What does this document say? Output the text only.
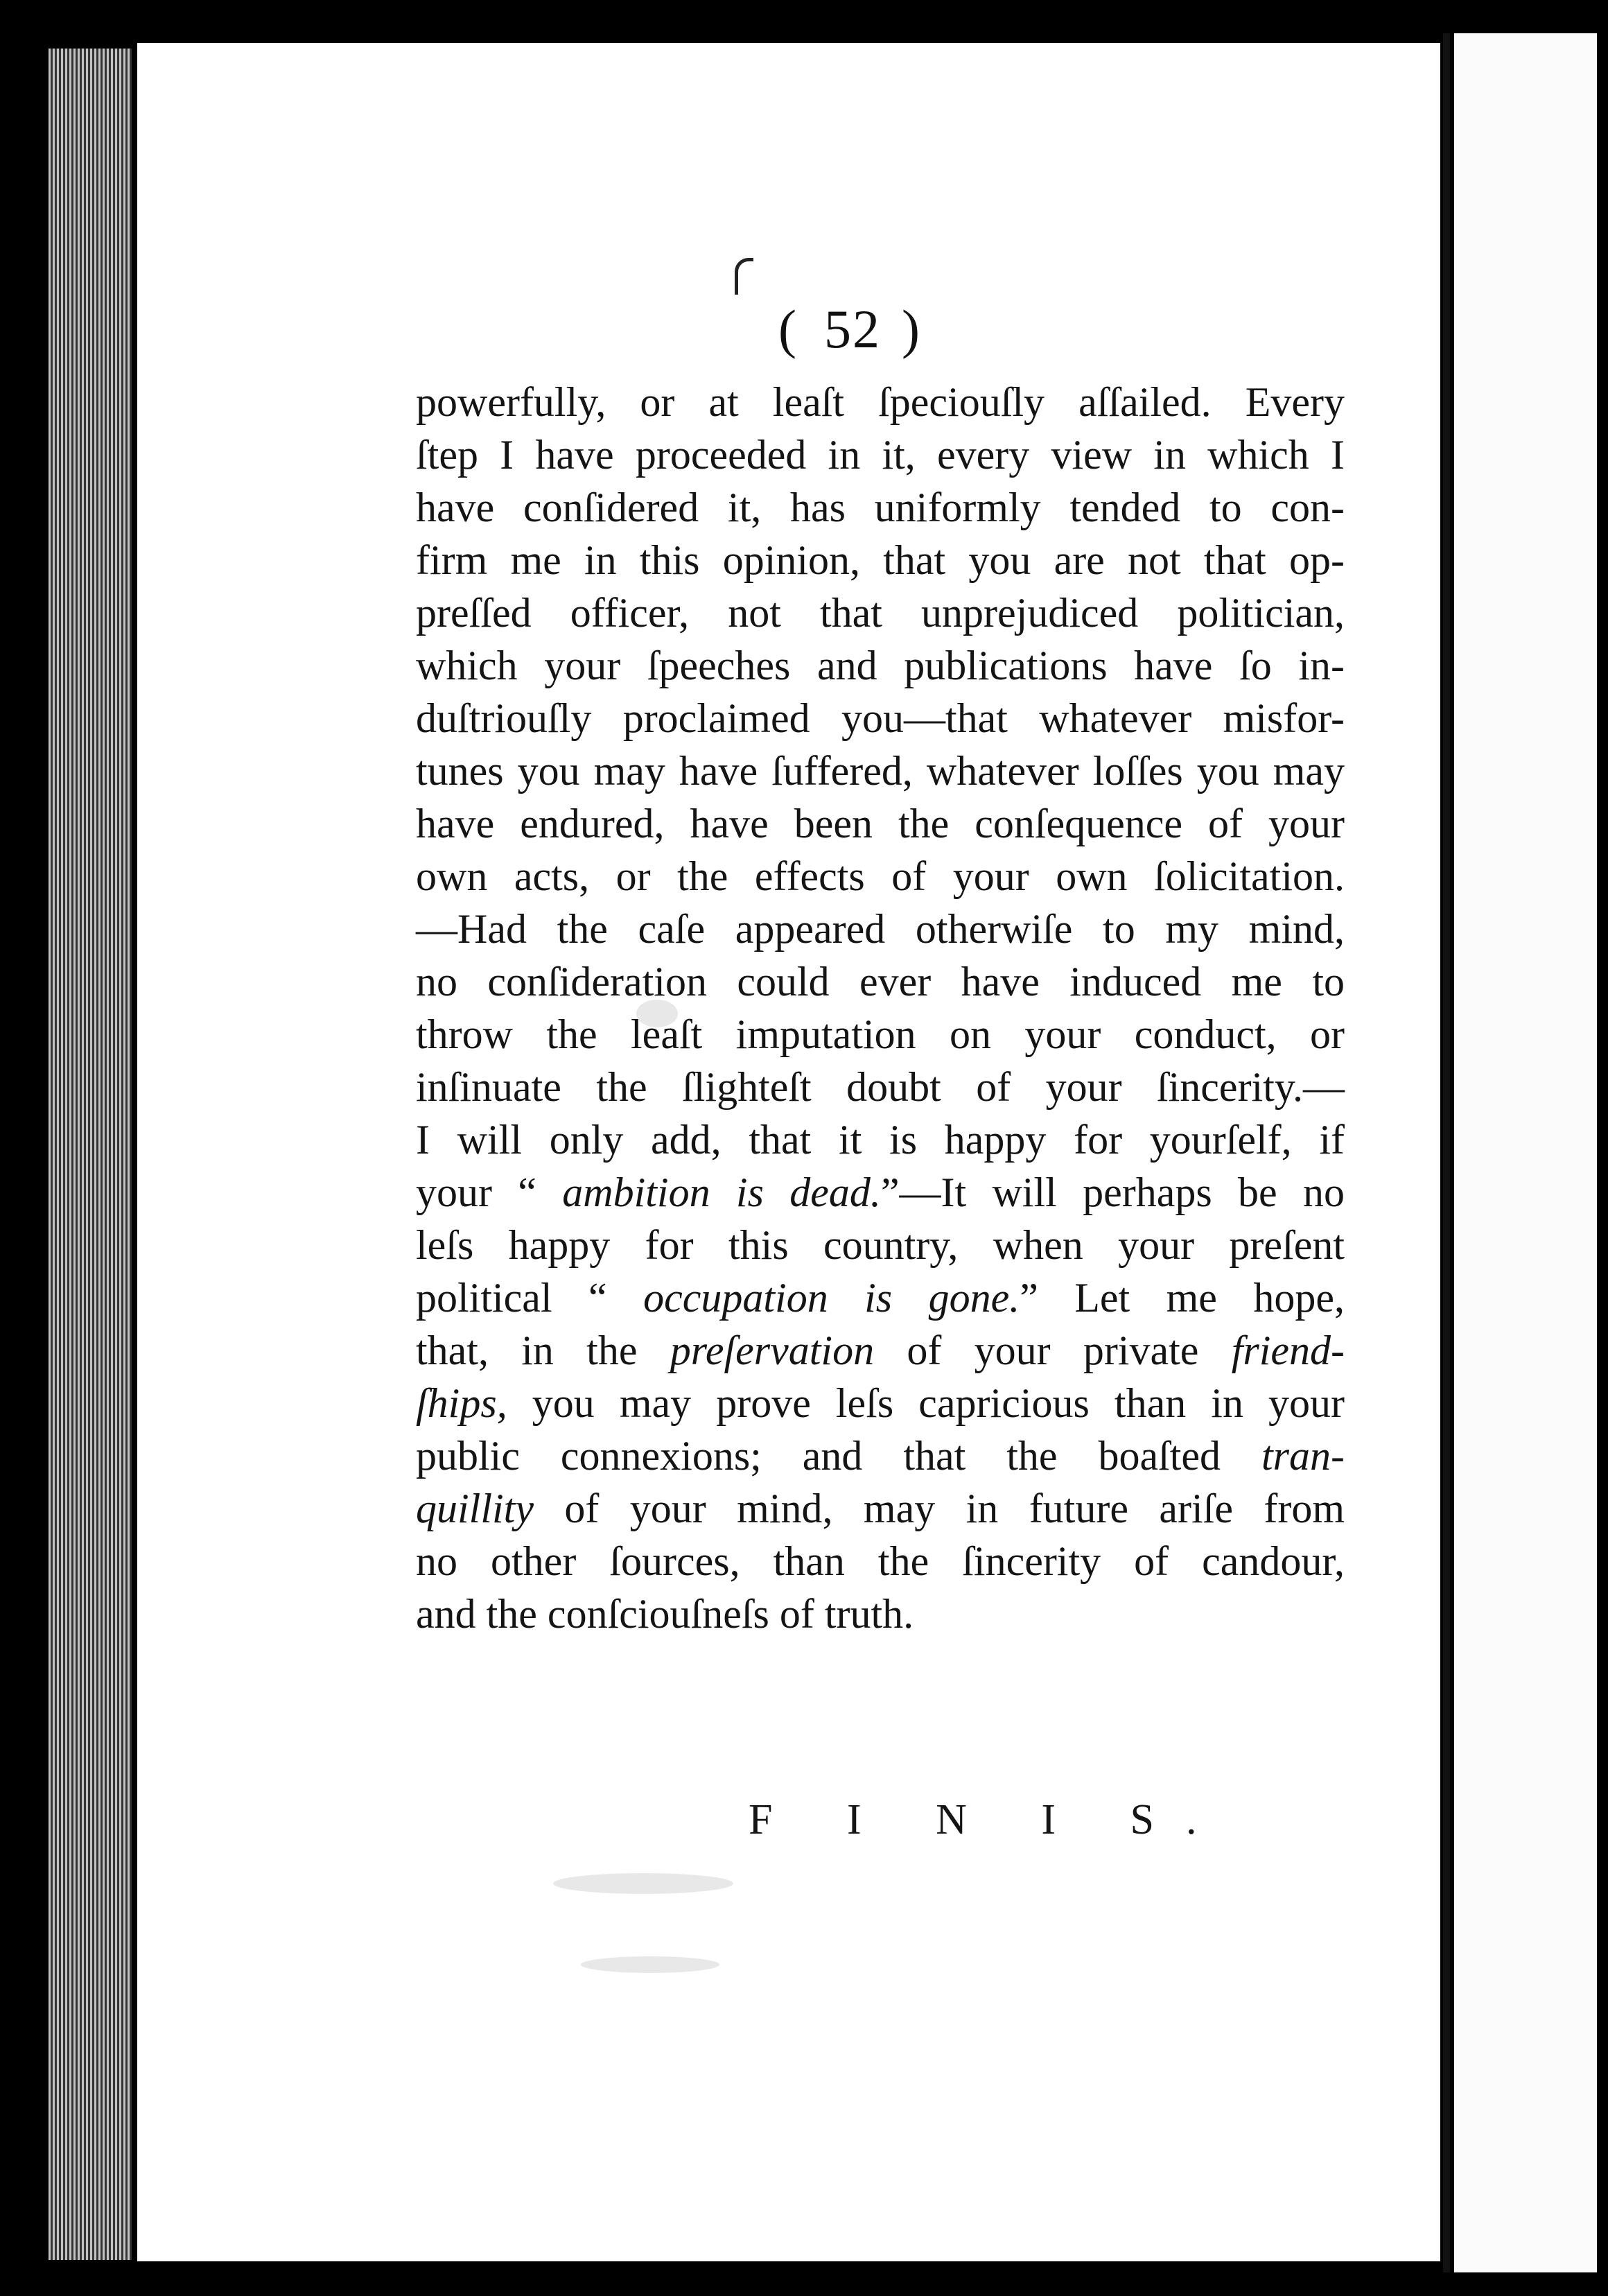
( 52 )
powerfully, or at leaſt ſpeciouſly aſſailed. Every
ſtep I have proceeded in it, every view in which I
have conſidered it, has uniformly tended to con-
firm me in this opinion, that you are not that op-
preſſed officer, not that unprejudiced politician,
which your ſpeeches and publications have ſo in-
duſtriouſly proclaimed you—that whatever misfor-
tunes you may have ſuffered, whatever loſſes you may
have endured, have been the conſequence of your
own acts, or the effects of your own ſolicitation.
—Had the caſe appeared otherwiſe to my mind,
no conſideration could ever have induced me to
throw the leaſt imputation on your conduct, or
inſinuate the ſlighteſt doubt of your ſincerity.—
I will only add, that it is happy for yourſelf, if
your “ ambition is dead.”—It will perhaps be no
leſs happy for this country, when your preſent
political “ occupation is gone.” Let me hope,
that, in the preſervation of your private friend-
ſhips, you may prove leſs capricious than in your
public connexions; and that the boaſted tran-
quillity of your mind, may in future ariſe from
no other ſources, than the ſincerity of candour,
and the conſciouſneſs of truth.
F I N I S.
